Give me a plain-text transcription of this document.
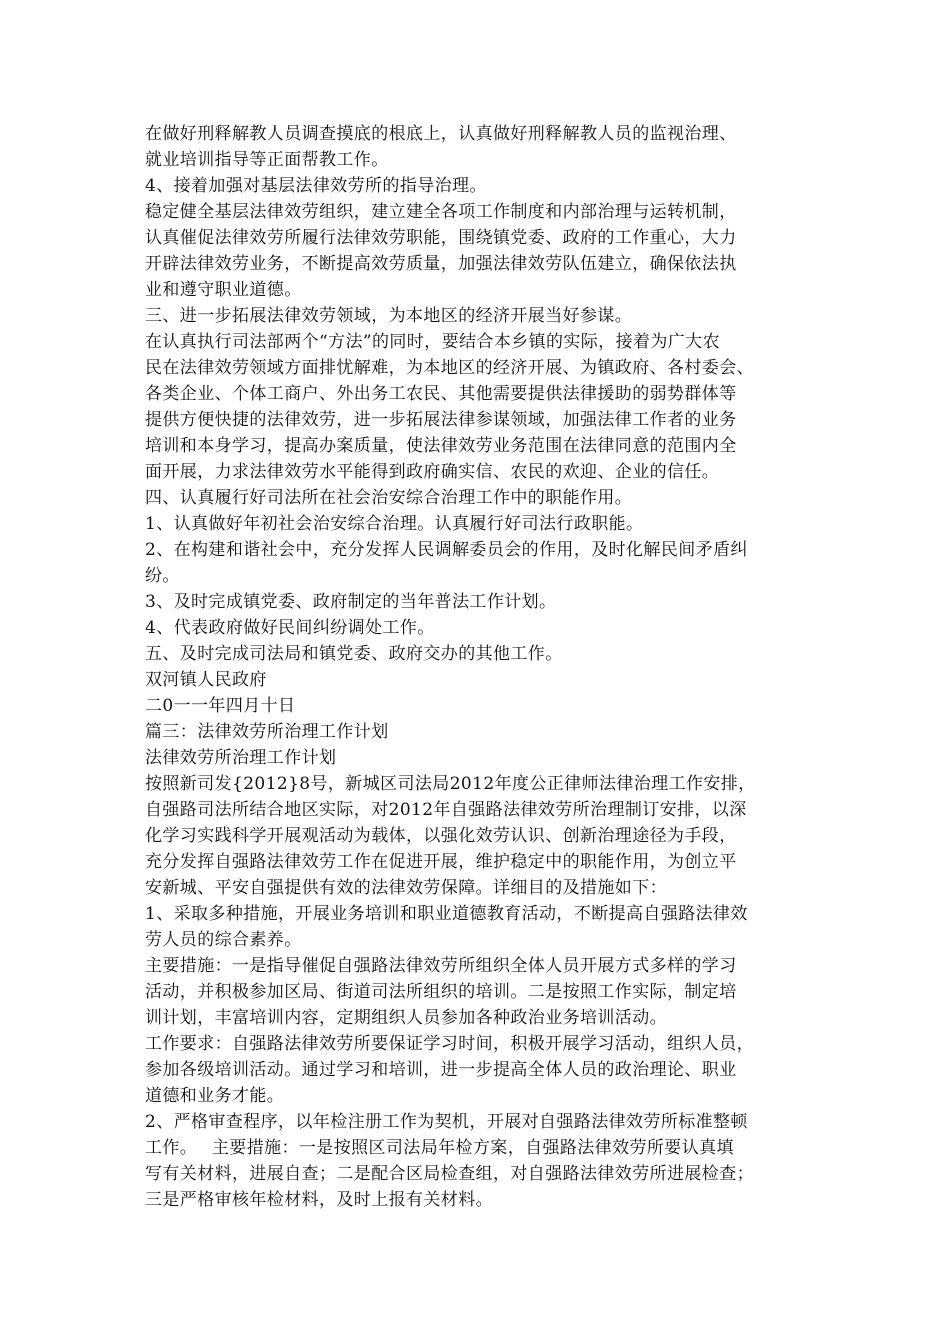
在做好刑释解教人员调查摸底的根底上，认真做好刑释解教人员的监视治理、
就业培训指导等正面帮教工作。
4、接着加强对基层法律效劳所的指导治理。
稳定健全基层法律效劳组织，建立建全各项工作制度和内部治理与运转机制，
认真催促法律效劳所履行法律效劳职能，围绕镇党委、政府的工作重心，大力
开辟法律效劳业务，不断提高效劳质量，加强法律效劳队伍建立，确保依法执
业和遵守职业道德。
三、进一步拓展法律效劳领域，为本地区的经济开展当好参谋。
在认真执行司法部两个“方法”的同时，要结合本乡镇的实际，接着为广大农
民在法律效劳领域方面排忧解难，为本地区的经济开展、为镇政府、各村委会、
各类企业、个体工商户、外出务工农民、其他需要提供法律援助的弱势群体等
提供方便快捷的法律效劳，进一步拓展法律参谋领域，加强法律工作者的业务
培训和本身学习，提高办案质量，使法律效劳业务范围在法律同意的范围内全
面开展，力求法律效劳水平能得到政府确实信、农民的欢迎、企业的信任。
四、认真履行好司法所在社会治安综合治理工作中的职能作用。
1、认真做好年初社会治安综合治理。认真履行好司法行政职能。
2、在构建和谐社会中，充分发挥人民调解委员会的作用，及时化解民间矛盾纠
纷。
3、及时完成镇党委、政府制定的当年普法工作计划。
4、代表政府做好民间纠纷调处工作。
五、及时完成司法局和镇党委、政府交办的其他工作。
双河镇人民政府
二0一一年四月十日
篇三：法律效劳所治理工作计划
法律效劳所治理工作计划
按照新司发{2012}8号，新城区司法局2012年度公正律师法律治理工作安排，
自强路司法所结合地区实际，对2012年自强路法律效劳所治理制订安排，以深
化学习实践科学开展观活动为载体，以强化效劳认识、创新治理途径为手段，
充分发挥自强路法律效劳工作在促进开展，维护稳定中的职能作用，为创立平
安新城、平安自强提供有效的法律效劳保障。详细目的及措施如下：
1、采取多种措施，开展业务培训和职业道德教育活动，不断提高自强路法律效
劳人员的综合素养。
主要措施：一是指导催促自强路法律效劳所组织全体人员开展方式多样的学习
活动，并积极参加区局、街道司法所组织的培训。二是按照工作实际，制定培
训计划，丰富培训内容，定期组织人员参加各种政治业务培训活动。
工作要求：自强路法律效劳所要保证学习时间，积极开展学习活动，组织人员，
参加各级培训活动。通过学习和培训，进一步提高全体人员的政治理论、职业
道德和业务才能。
2、严格审查程序，以年检注册工作为契机，开展对自强路法律效劳所标准整顿
工作。　 主要措施：一是按照区司法局年检方案，自强路法律效劳所要认真填
写有关材料，进展自查；二是配合区局检查组，对自强路法律效劳所进展检查；
三是严格审核年检材料，及时上报有关材料。
